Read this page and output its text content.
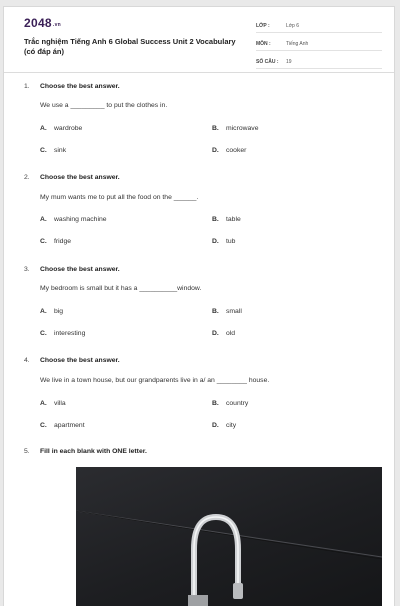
$2048^{.vn}$
Trắc nghiệm Tiếng Anh 6 Global Success Unit 2 Vocabulary (có đáp án)
LỚP :	Lớp 6
MÔN :	Tiếng Anh
SỐ CÂU : 19
1. Choose the best answer.
We use a _________ to put the clothes in.
A. wardrobe	B. microwave
C. sink	D. cooker
2. Choose the best answer.
My mum wants me to put all the food on the ______.
A. washing machine	B. table
C. fridge	D. tub
3. Choose the best answer.
My bedroom is small but it has a __________window.
A. big	B. small
C. interesting	D. old
4. Choose the best answer.
We live in a town house, but our grandparents live in a/ an ________ house.
A. villa	B. country
C. apartment	D. city
5. Fill in each blank with ONE letter.
